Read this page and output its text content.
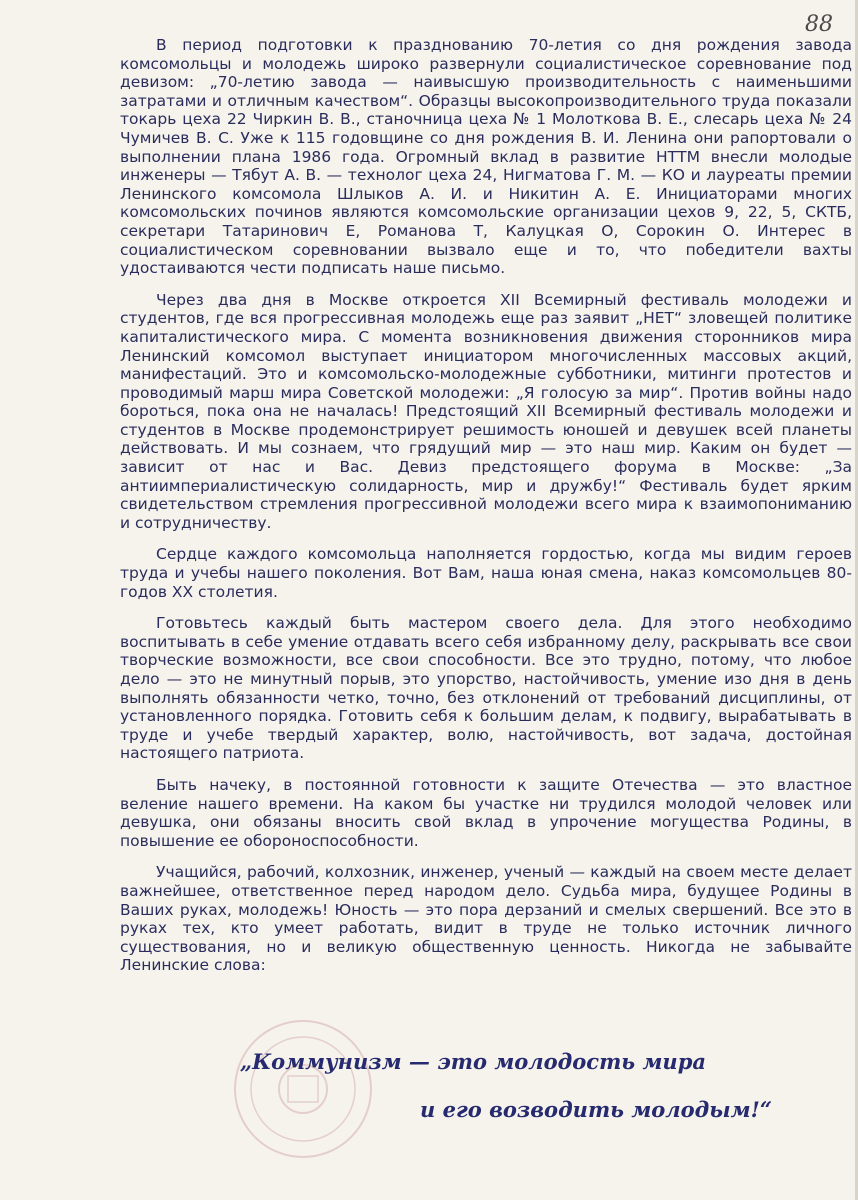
88

В период подготовки к празднованию 70-летия со дня рождения завода комсомольцы и молодежь широко развернули социалистическое соревнование под девизом: „70-летию завода — наивысшую производительность с наименьшими затратами и отличным качеством“. Образцы высокопроизводительного труда показали токарь цеха 22 Чиркин В. В., станочница цеха № 1 Молоткова В. Е., слесарь цеха № 24 Чумичев В. С. Уже к 115 годовщине со дня рождения В. И. Ленина они рапортовали о выполнении плана 1986 года. Огромный вклад в развитие НТТМ внесли молодые инженеры — Тябут А. В. — технолог цеха 24, Нигматова Г. М. — КО и лауреаты премии Ленинского комсомола Шлыков А. И. и Никитин А. Е. Инициаторами многих комсомольских починов являются комсомольские организации цехов 9, 22, 5, СКТБ, секретари Татаринович Е, Романова Т, Калуцкая О, Сорокин О. Интерес в социалистическом соревновании вызвало еще и то, что победители вахты удостаиваются чести подписать наше письмо.

Через два дня в Москве откроется XII Всемирный фестиваль молодежи и студентов, где вся прогрессивная молодежь еще раз заявит „НЕТ“ зловещей политике капиталистического мира. С момента возникновения движения сторонников мира Ленинский комсомол выступает инициатором многочисленных массовых акций, манифестаций. Это и комсомольско-молодежные субботники, митинги протестов и проводимый марш мира Советской молодежи: „Я голосую за мир“. Против войны надо бороться, пока она не началась! Предстоящий XII Всемирный фестиваль молодежи и студентов в Москве продемонстрирует решимость юношей и девушек всей планеты действовать. И мы сознаем, что грядущий мир — это наш мир. Каким он будет — зависит от нас и Вас. Девиз предстоящего форума в Москве: „За антиимпериалистическую солидарность, мир и дружбу!“ Фестиваль будет ярким свидетельством стремления прогрессивной молодежи всего мира к взаимопониманию и сотрудничеству.

Сердце каждого комсомольца наполняется гордостью, когда мы видим героев труда и учебы нашего поколения. Вот Вам, наша юная смена, наказ комсомольцев 80-годов XX столетия.

Готовьтесь каждый быть мастером своего дела. Для этого необходимо воспитывать в себе умение отдавать всего себя избранному делу, раскрывать все свои творческие возможности, все свои способности. Все это трудно, потому, что любое дело — это не минутный порыв, это упорство, настойчивость, умение изо дня в день выполнять обязанности четко, точно, без отклонений от требований дисциплины, от установленного порядка. Готовить себя к большим делам, к подвигу, вырабатывать в труде и учебе твердый характер, волю, настойчивость, вот задача, достойная настоящего патриота.

Быть начеку, в постоянной готовности к защите Отечества — это властное веление нашего времени. На каком бы участке ни трудился молодой человек или девушка, они обязаны вносить свой вклад в упрочение могущества Родины, в повышение ее обороноспособности.

Учащийся, рабочий, колхозник, инженер, ученый — каждый на своем месте делает важнейшее, ответственное перед народом дело. Судьба мира, будущее Родины в Ваших руках, молодежь! Юность — это пора дерзаний и смелых свершений. Все это в руках тех, кто умеет работать, видит в труде не только источник личного существования, но и великую общественную ценность. Никогда не забывайте Ленинские слова:

„Коммунизм — это молодость мира
и его возводить молодым!“
